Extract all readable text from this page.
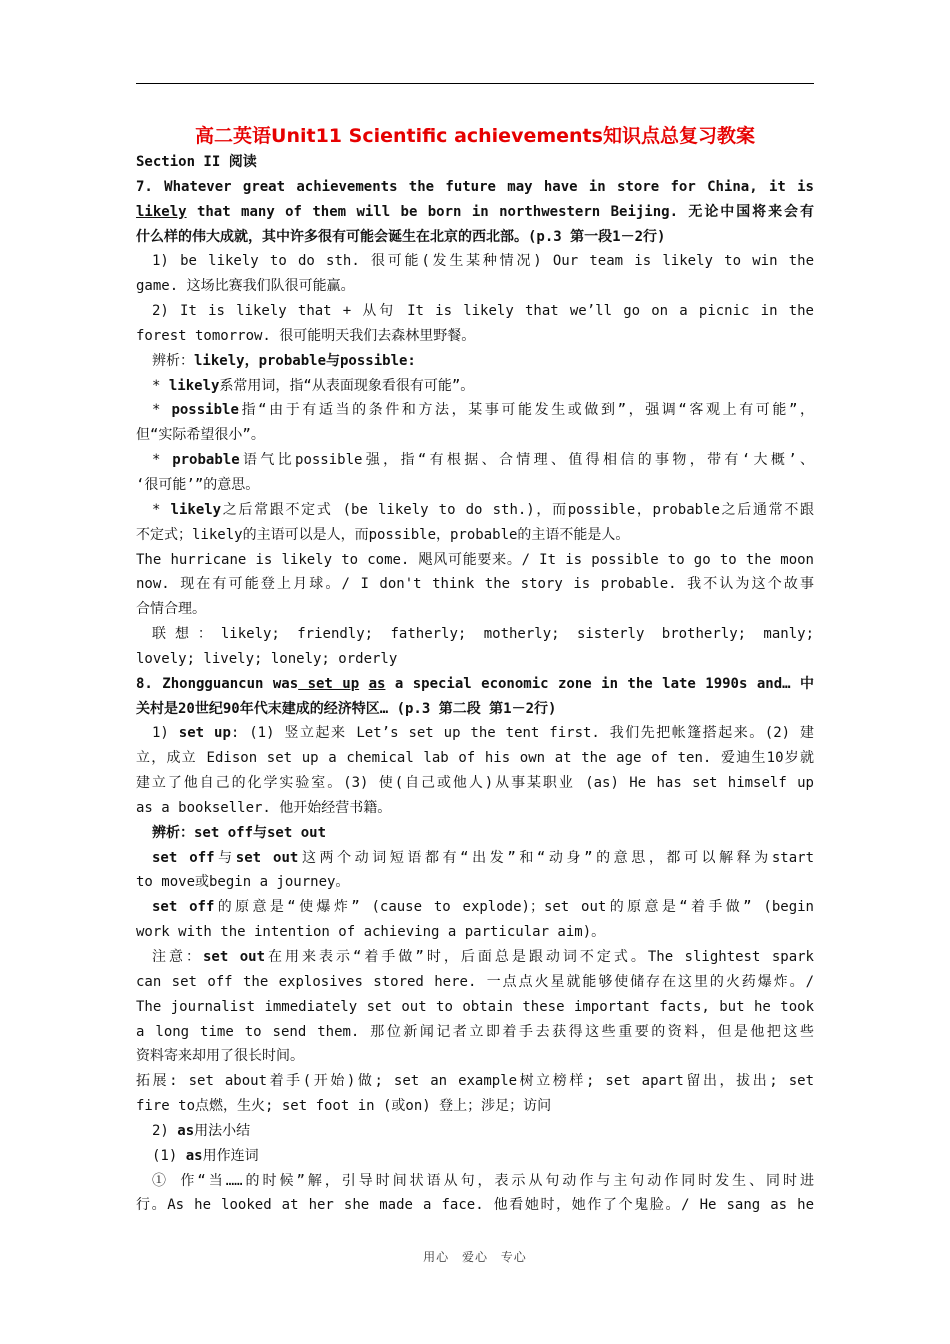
高二英语Unit11 Scientific achievements知识点总复习教案
Section II 阅读
7. Whatever great achievements the future may have in store for China, it is
likely that many of them will be born in northwestern Beijing. 无论中国将来会有
什么样的伟大成就，其中许多很有可能会诞生在北京的西北部。(p.3 第一段1－2行)
1) be likely to do sth. 很可能(发生某种情况) Our team is likely to win the
game. 这场比赛我们队很可能赢。
2) It is likely that + 从句 It is likely that we’ll go on a picnic in the
forest tomorrow. 很可能明天我们去森林里野餐。
辨析：likely，probable与possible:
* likely系常用词，指“从表面现象看很有可能”。
* possible指“由于有适当的条件和方法，某事可能发生或做到”，强调“客观上有可能”，
但“实际希望很小”。
* probable语气比possible强，指“有根据、合情理、值得相信的事物，带有‘大概’、
‘很可能’”的意思。
* likely之后常跟不定式 (be likely to do sth.)，而possible，probable之后通常不跟
不定式；likely的主语可以是人，而possible，probable的主语不能是人。
The hurricane is likely to come. 飓风可能要来。/ It is possible to go to the moon
now. 现在有可能登上月球。/ I don't think the story is probable. 我不认为这个故事
合情合理。
联想：likely; friendly; fatherly; motherly; sisterly brotherly; manly;
lovely; lively; lonely; orderly
8. Zhongguancun was set up as a special economic zone in the late 1990s and… 中
关村是20世纪90年代末建成的经济特区… (p.3 第二段 第1－2行)
1) set up: (1) 竖立起来 Let’s set up the tent first. 我们先把帐篷搭起来。(2) 建
立，成立 Edison set up a chemical lab of his own at the age of ten. 爱迪生10岁就
建立了他自己的化学实验室。(3) 使(自己或他人)从事某职业 (as) He has set himself up
as a bookseller. 他开始经营书籍。
辨析：set off与set out
set off与set out这两个动词短语都有“出发”和“动身”的意思，都可以解释为start
to move或begin a journey。
set off的原意是“使爆炸” (cause to explode)；set out的原意是“着手做” (begin
work with the intention of achieving a particular aim)。
注意：set out在用来表示“着手做”时，后面总是跟动词不定式。The slightest spark
can set off the explosives stored here. 一点点火星就能够使储存在这里的火药爆炸。/
The journalist immediately set out to obtain these important facts, but he took
a long time to send them. 那位新闻记者立即着手去获得这些重要的资料，但是他把这些
资料寄来却用了很长时间。
拓展: set about着手(开始)做; set an example树立榜样; set apart留出，拔出; set
fire to点燃，生火; set foot in (或on) 登上；涉足；访问
2) as用法小结
(1) as用作连词
① 作“当……的时候”解，引导时间状语从句，表示从句动作与主句动作同时发生、同时进
行。As he looked at her she made a face. 他看她时，她作了个鬼脸。/ He sang as he
用心 爱心 专心
